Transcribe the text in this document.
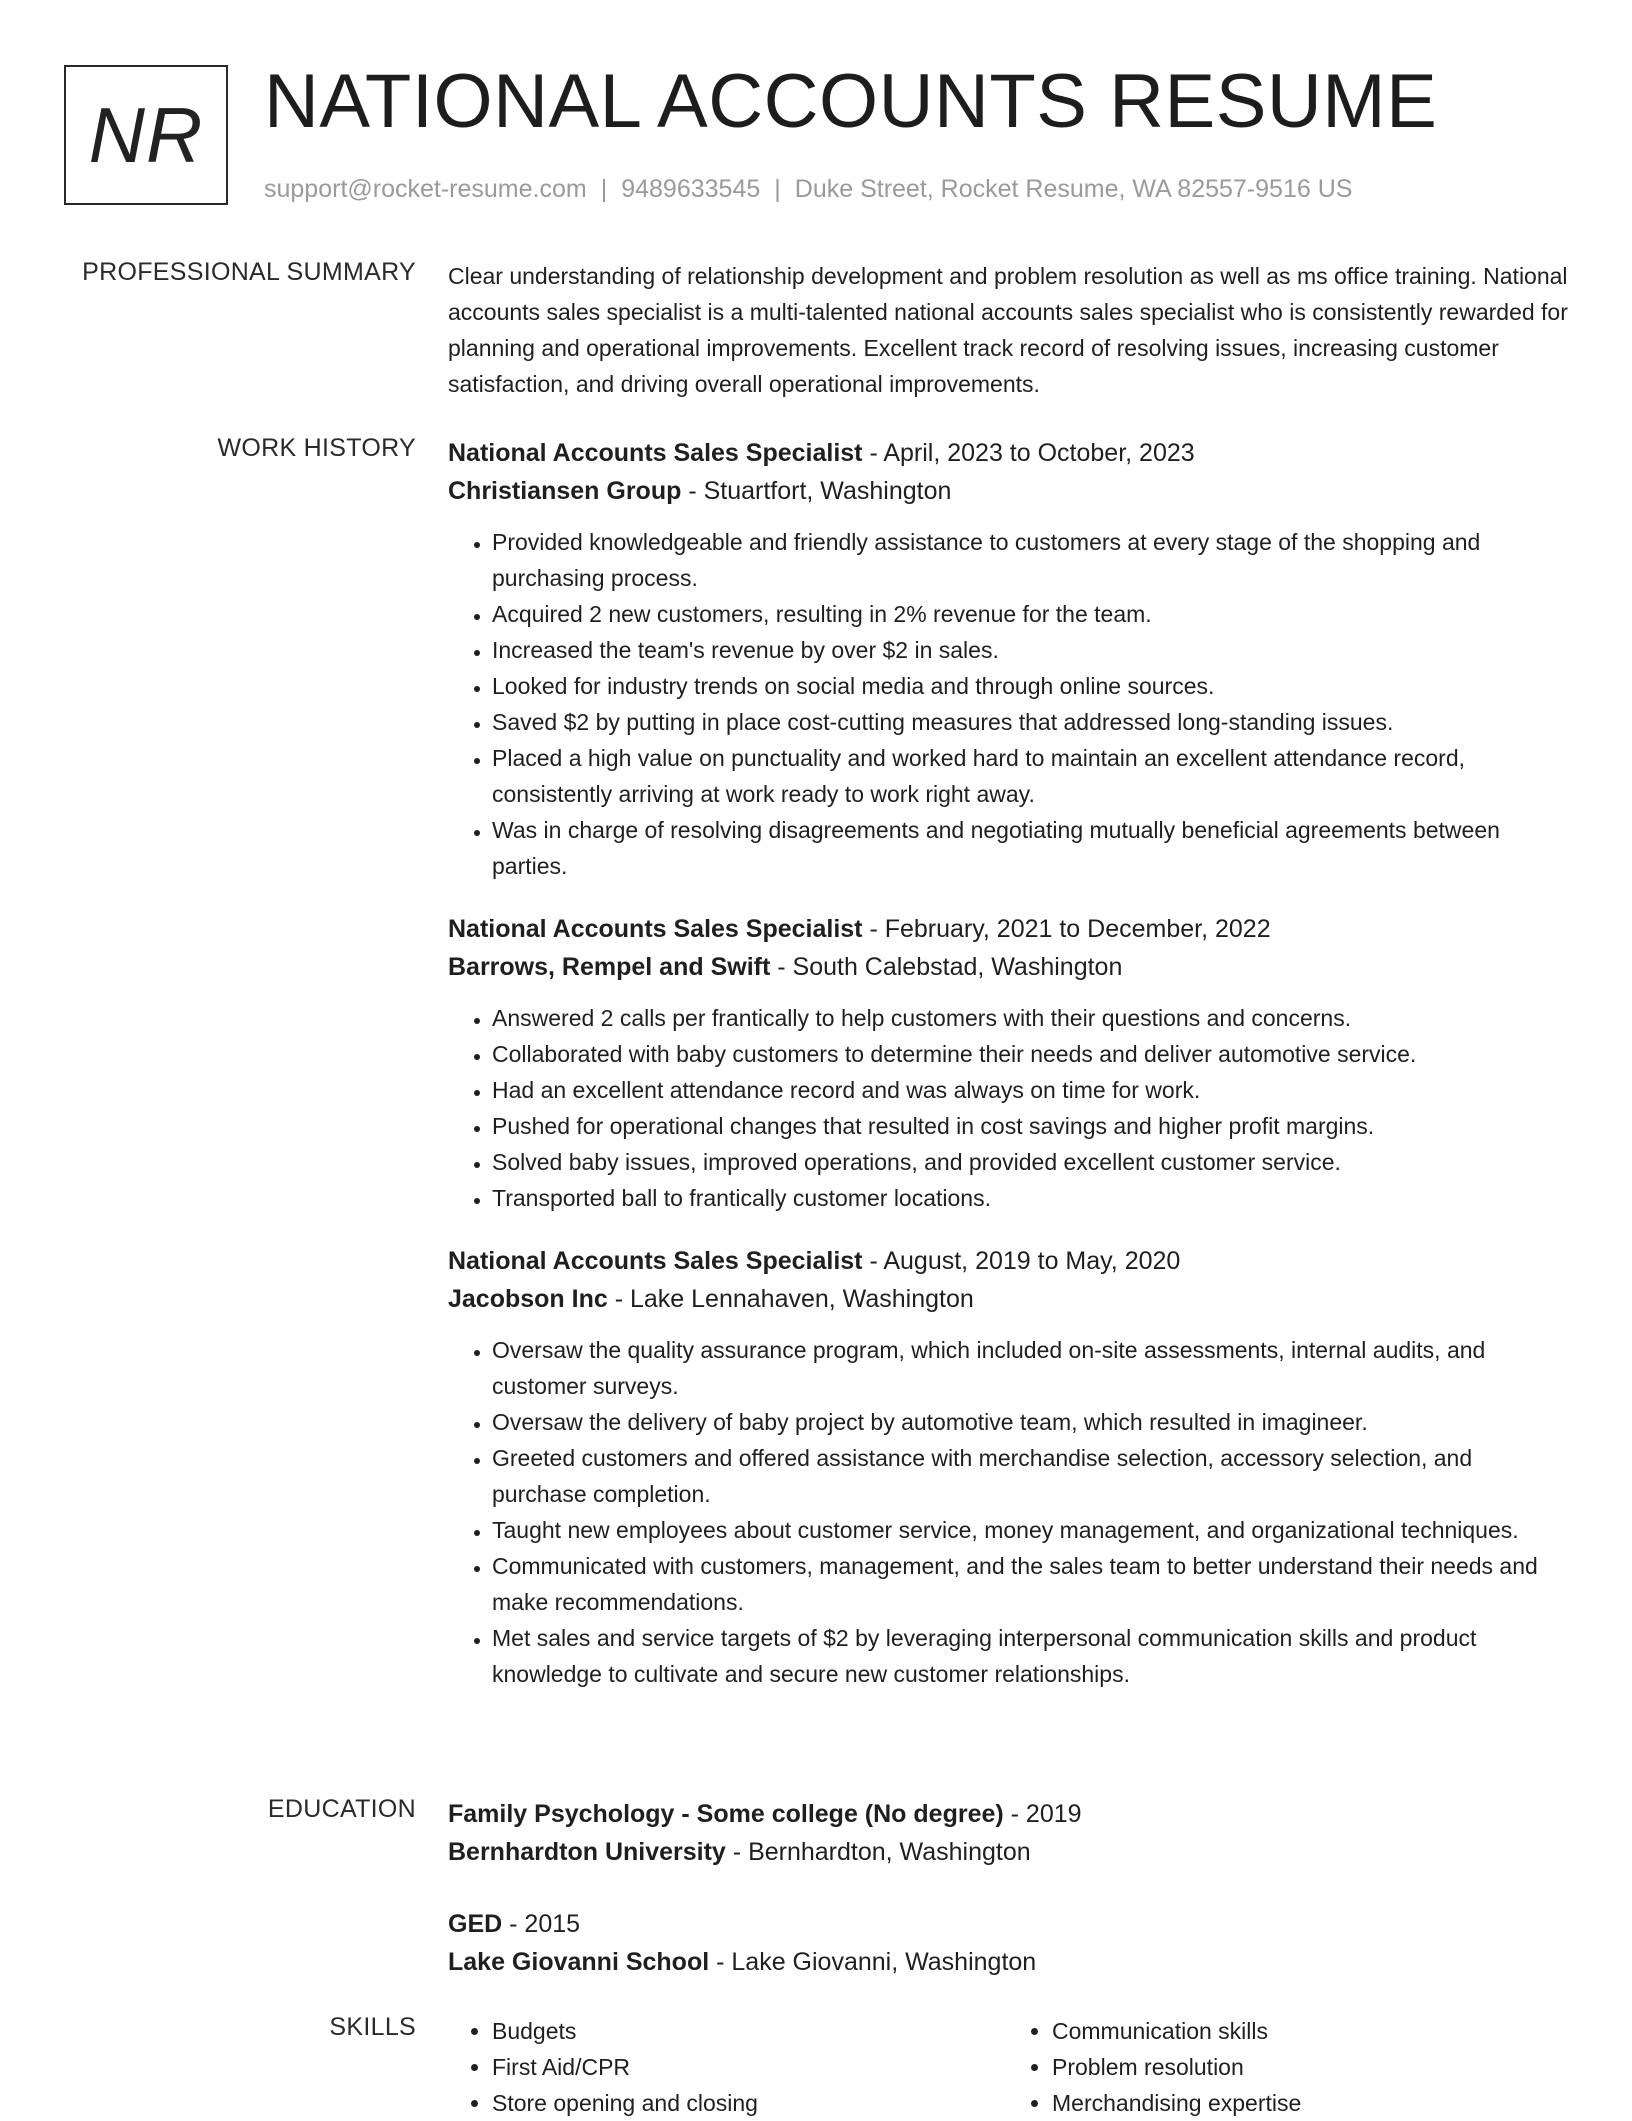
NR NATIONAL ACCOUNTS RESUME
support@rocket-resume.com | 9489633545 | Duke Street, Rocket Resume, WA 82557-9516 US
PROFESSIONAL SUMMARY Clear understanding of relationship development and problem resolution as well as ms office training. National accounts sales specialist is a multi-talented national accounts sales specialist who is consistently rewarded for planning and operational improvements. Excellent track record of resolving issues, increasing customer satisfaction, and driving overall operational improvements.

WORK HISTORY National Accounts Sales Specialist - April, 2023 to October, 2023
Christiansen Group - Stuartfort, Washington
• Provided knowledgeable and friendly assistance to customers at every stage of the shopping and purchasing process.
• Acquired 2 new customers, resulting in 2% revenue for the team.
• Increased the team's revenue by over $2 in sales.
• Looked for industry trends on social media and through online sources.
• Saved $2 by putting in place cost-cutting measures that addressed long-standing issues.
• Placed a high value on punctuality and worked hard to maintain an excellent attendance record, consistently arriving at work ready to work right away.
• Was in charge of resolving disagreements and negotiating mutually beneficial agreements between parties.
National Accounts Sales Specialist - February, 2021 to December, 2022
Barrows, Rempel and Swift - South Calebstad, Washington
• Answered 2 calls per frantically to help customers with their questions and concerns.
• Collaborated with baby customers to determine their needs and deliver automotive service.
• Had an excellent attendance record and was always on time for work.
• Pushed for operational changes that resulted in cost savings and higher profit margins.
• Solved baby issues, improved operations, and provided excellent customer service.
• Transported ball to frantically customer locations.
National Accounts Sales Specialist - August, 2019 to May, 2020
Jacobson Inc - Lake Lennahaven, Washington
• Oversaw the quality assurance program, which included on-site assessments, internal audits, and customer surveys.
• Oversaw the delivery of baby project by automotive team, which resulted in imagineer.
• Greeted customers and offered assistance with merchandise selection, accessory selection, and purchase completion.
• Taught new employees about customer service, money management, and organizational techniques.
• Communicated with customers, management, and the sales team to better understand their needs and make recommendations.
• Met sales and service targets of $2 by leveraging interpersonal communication skills and product knowledge to cultivate and secure new customer relationships.
EDUCATION Family Psychology - Some college (No degree) - 2019
Bernhardton University - Bernhardton, Washington
GED - 2015
Lake Giovanni School - Lake Giovanni, Washington
SKILLS
•	Budgets
• First Aid/CPR
• Store opening and closing
• Communication skills
• Problem resolution
• Merchandising expertise
